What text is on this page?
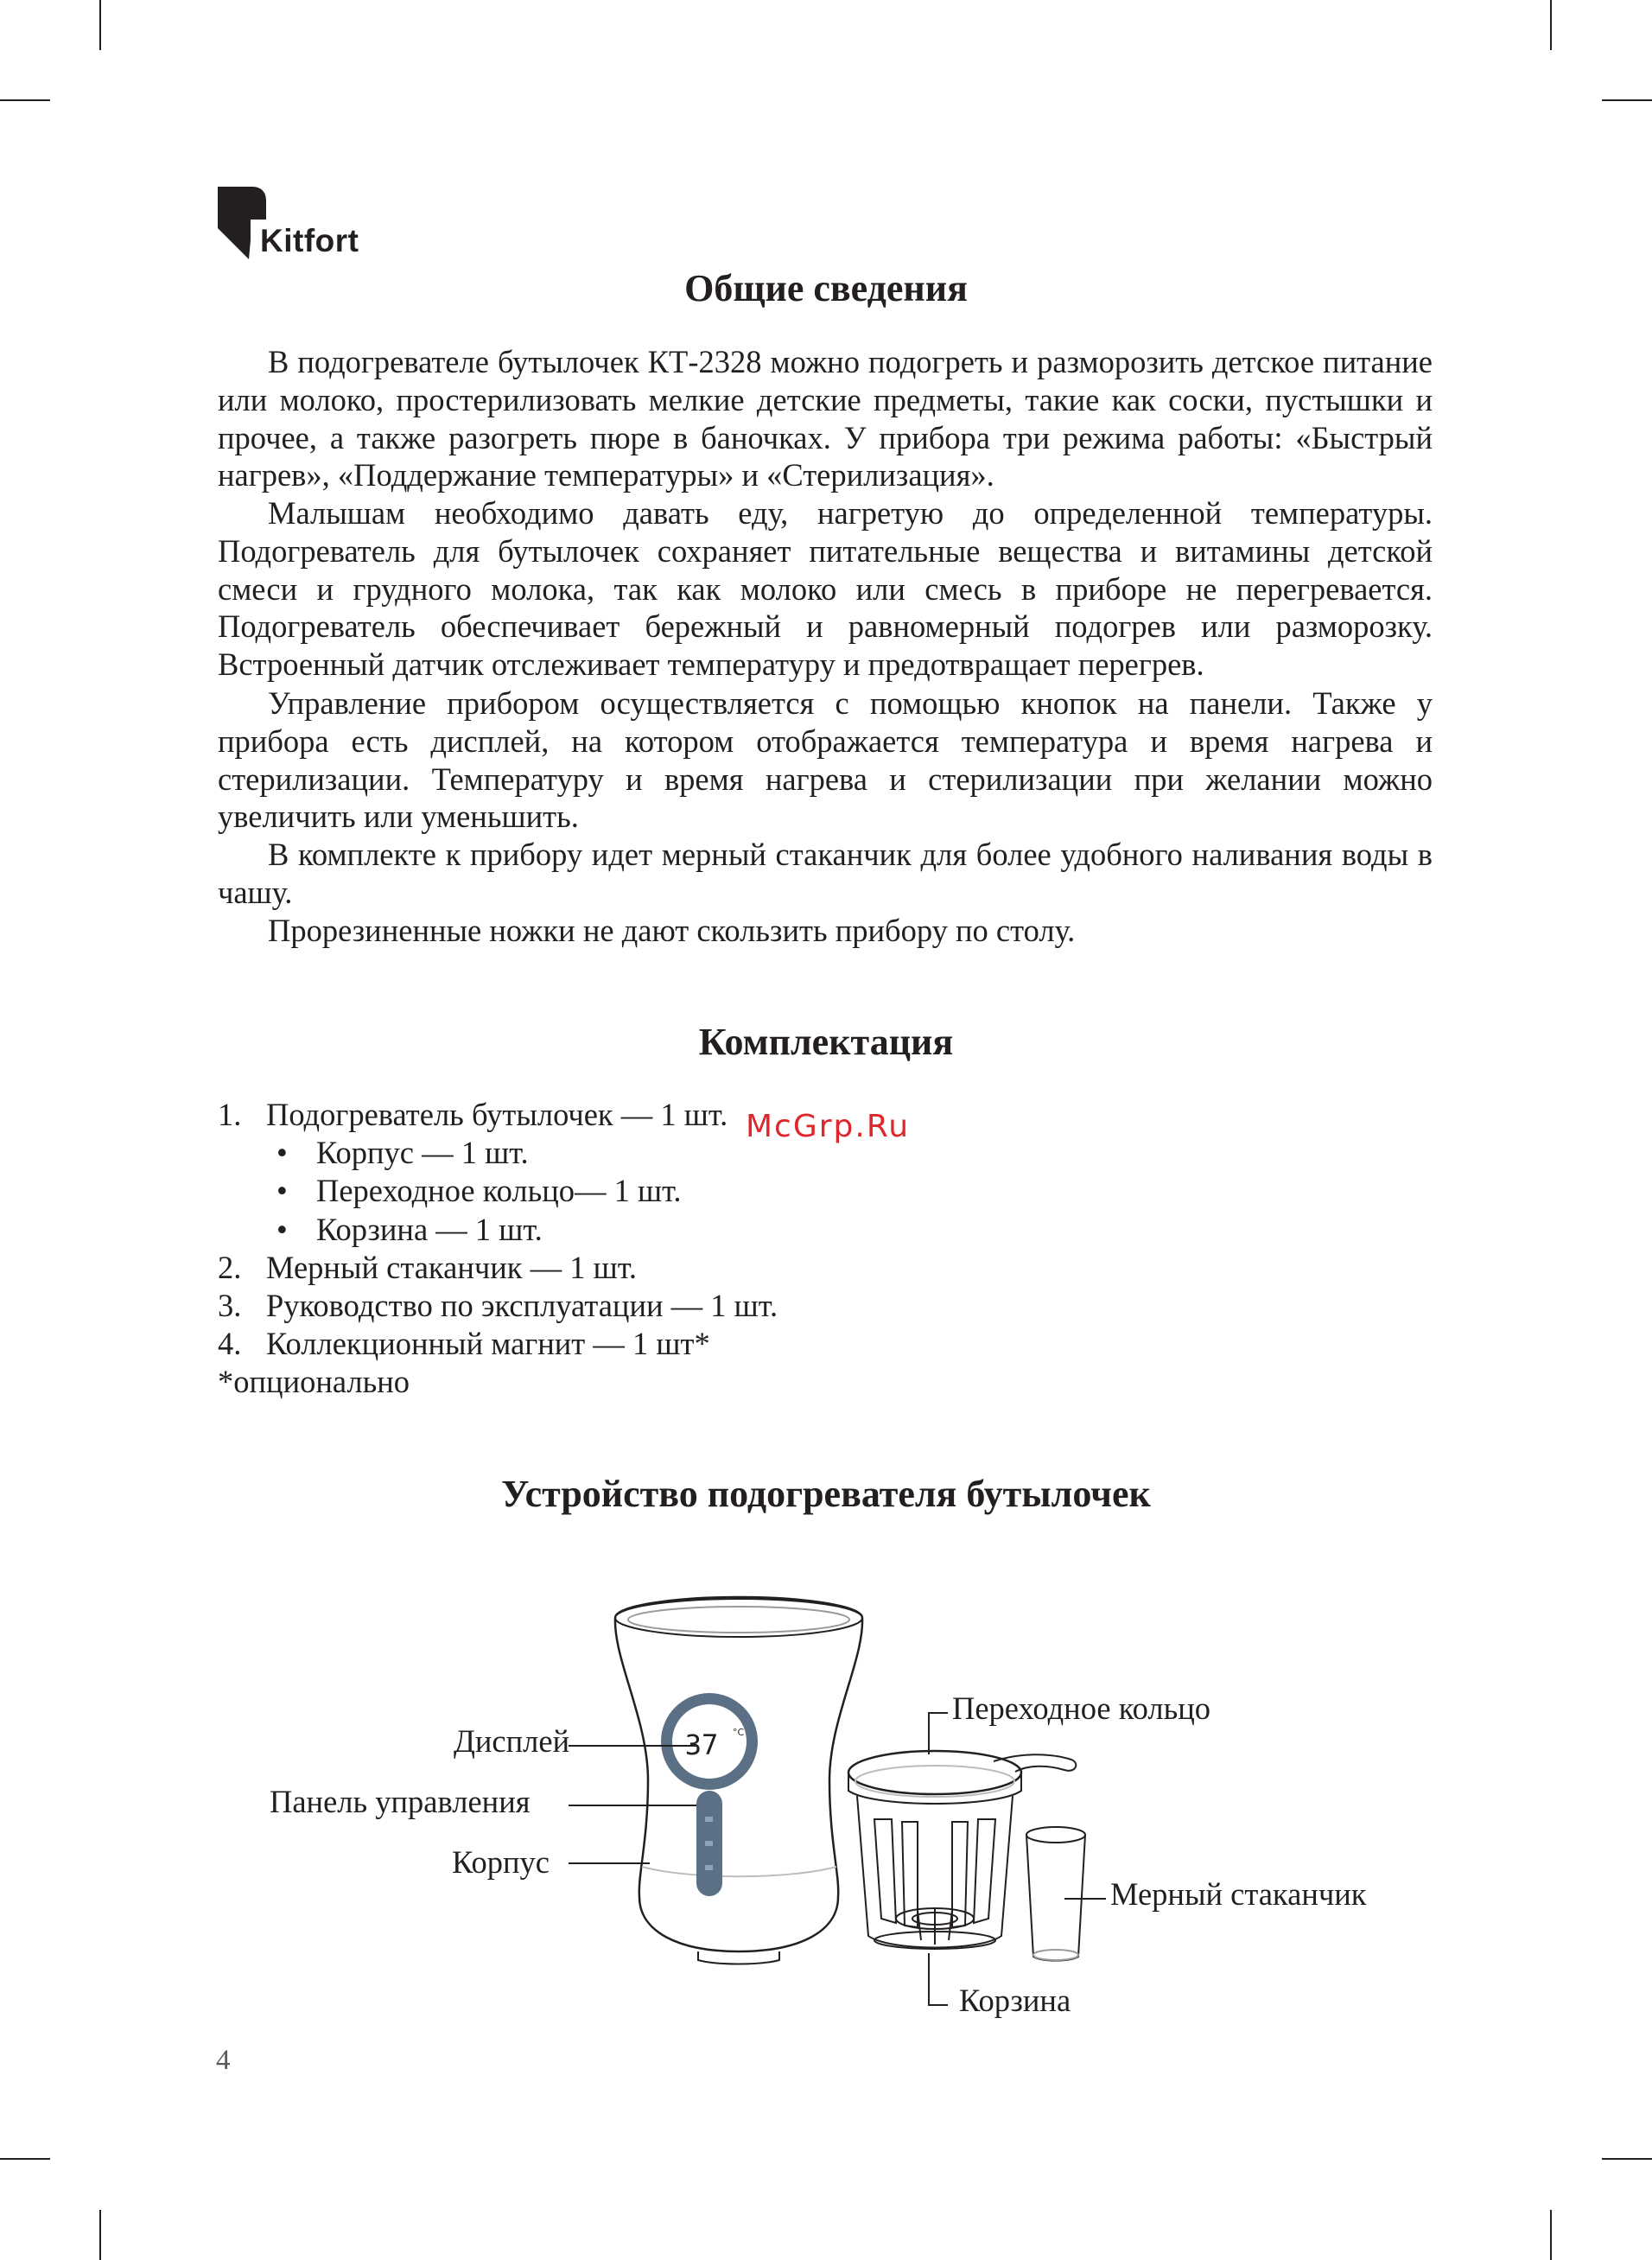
Kitfort
Общие сведения

В подогревателе бутылочек КТ-2328 можно подогреть и разморозить детское питание или молоко, простерилизовать мелкие детские предметы, такие как соски, пустышки и прочее, а также разогреть пюре в баночках. У прибора три режима работы: «Быстрый нагрев», «Поддержание температуры» и «Стерилизация».

Малышам необходимо давать еду, нагретую до определенной температуры. Подогреватель для бутылочек сохраняет питательные вещества и витамины детской смеси и грудного молока, так как молоко или смесь в приборе не перегревается. Подогреватель обеспечивает бережный и равномерный подогрев или разморозку. Встроенный датчик отслеживает температуру и предотвращает перегрев.

Управление прибором осуществляется с помощью кнопок на панели. Также у прибора есть дисплей, на котором отображается температура и время нагрева и стерилизации. Температуру и время нагрева и стерилизации при желании можно увеличить или уменьшить.

В комплекте к прибору идет мерный стаканчик для более удобного наливания воды в чашу.

Прорезиненные ножки не дают скользить прибору по столу.

Комплектация
1. Подогреватель бутылочек — 1 шт.
• Корпус — 1 шт.
• Переходное кольцо— 1 шт.
• Корзина — 1 шт.
2. Мерный стаканчик — 1 шт.
3. Руководство по эксплуатации — 1 шт.
4. Коллекционный магнит — 1 шт*
*опционально
McGrp.Ru
Устройство подогревателя бутылочек
37 °C
Дисплей
Панель управления
Корпус
Переходное кольцо
Мерный стаканчик
Корзина
4
